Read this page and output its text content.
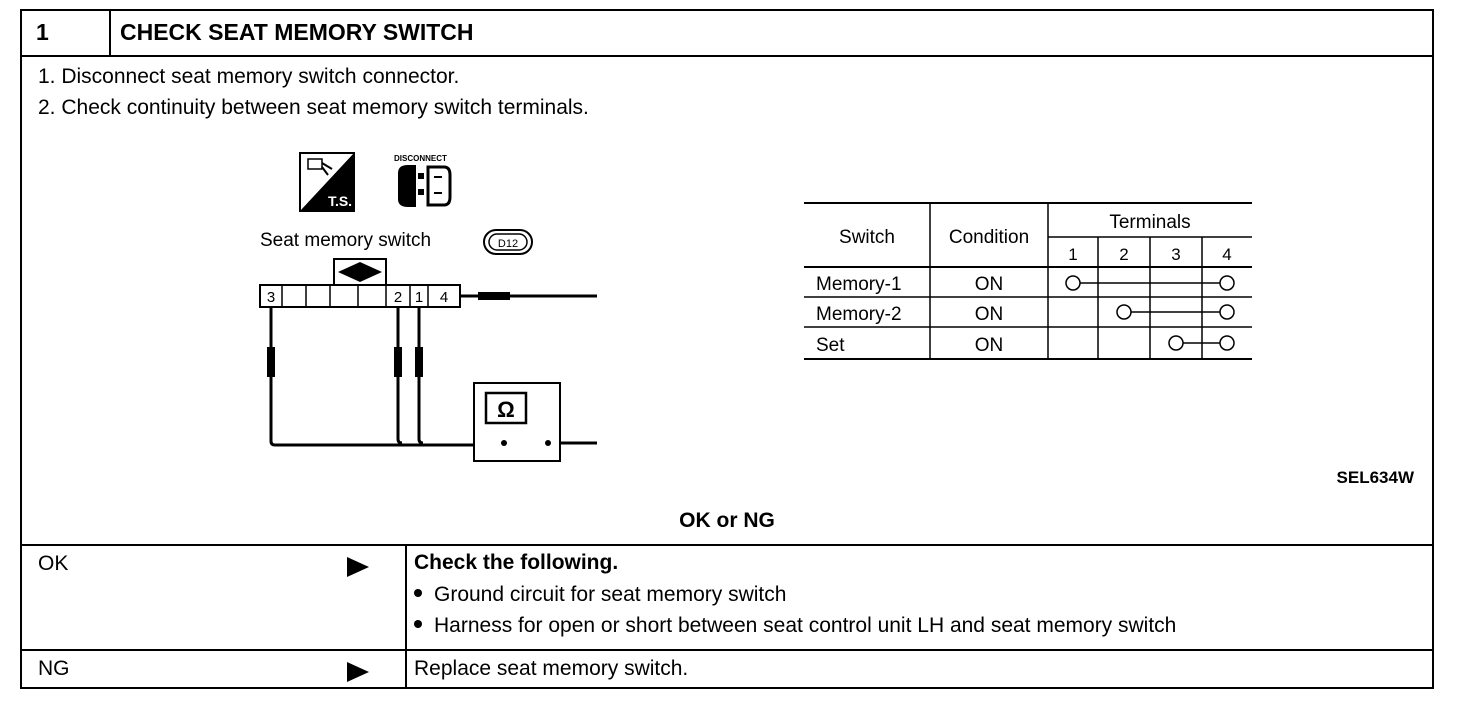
1	CHECK SEAT MEMORY SWITCH
1. Disconnect seat memory switch connector.
2. Check continuity between seat memory switch terminals.
T.S.
DISCONNECT
Seat memory switch	D12
3	2 1 4
Ω
Switch	Condition
Terminals
1 2	3 4
Memory-1	ON
Memory-2	ON
Set	ON
SEL634W
OK or NG
OK	Check the following.
Ground circuit for seat memory switch
Harness for open or short between seat control unit LH and seat memory switch
NG	Replace seat memory switch.
